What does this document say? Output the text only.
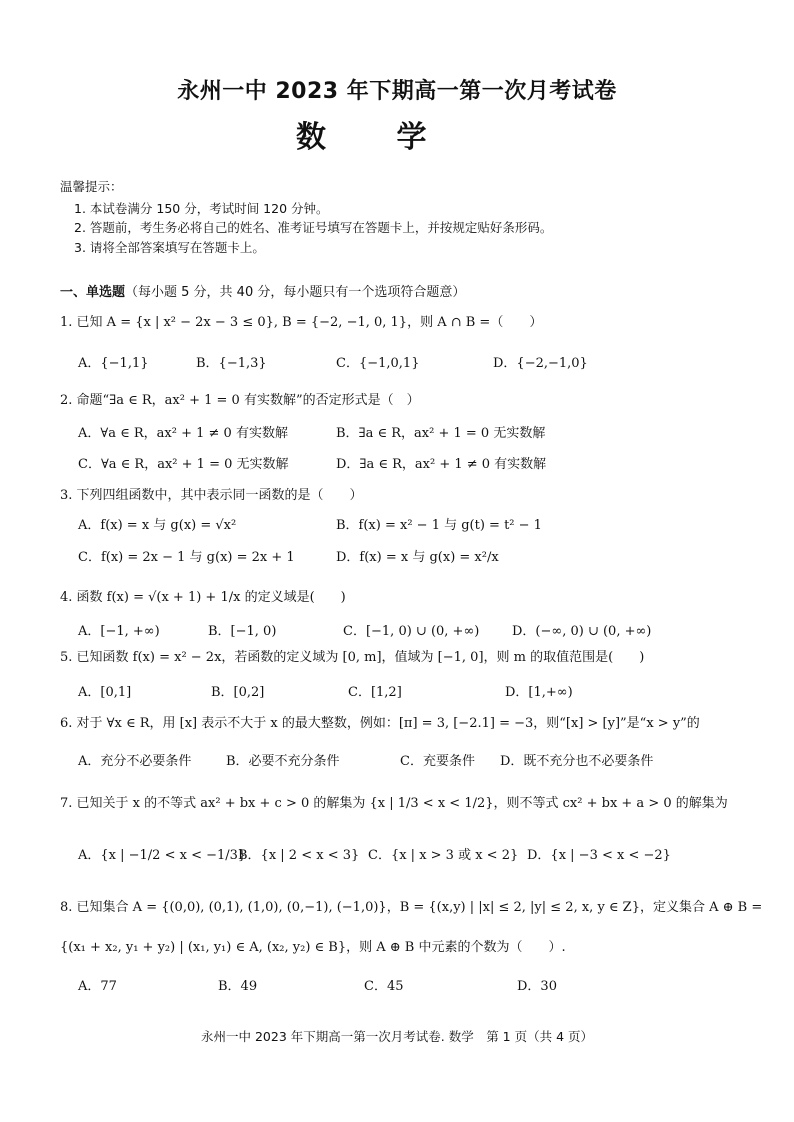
永州一中 2023 年下期高一第一次月考试卷
数 学
温馨提示：
1. 本试卷满分 150 分，考试时间 120 分钟。
2. 答题前，考生务必将自己的姓名、准考证号填写在答题卡上，并按规定贴好条形码。
3. 请将全部答案填写在答题卡上。
一、单选题（每小题 5 分，共 40 分，每小题只有一个选项符合题意）
1. 已知 A = {x | x² − 2x − 3 ≤ 0}, B = {−2, −1, 0, 1}，则 A ∩ B =（　　）
A．{−1,1}	B．{−1,3}	C．{−1,0,1}	D．{−2,−1,0}
2. 命题“∃a ∈ R，ax² + 1 = 0 有实数解”的否定形式是（　）
A．∀a ∈ R，ax² + 1 ≠ 0 有实数解	B．∃a ∈ R，ax² + 1 = 0 无实数解
C．∀a ∈ R，ax² + 1 = 0 无实数解	D．∃a ∈ R，ax² + 1 ≠ 0 有实数解
3. 下列四组函数中，其中表示同一函数的是（　　）
A．f(x) = x 与 g(x) = √x²	B．f(x) = x² − 1 与 g(t) = t² − 1
C．f(x) = 2x − 1 与 g(x) = 2x + 1	D．f(x) = x 与 g(x) = x²/x
4. 函数 f(x) = √(x + 1) + 1/x 的定义域是(　　)
A．[−1, +∞)	B．[−1, 0)	C．[−1, 0) ∪ (0, +∞)	D．(−∞, 0) ∪ (0, +∞)
5. 已知函数 f(x) = x² − 2x，若函数的定义域为 [0, m]，值域为 [−1, 0]，则 m 的取值范围是(　　)
A．[0,1]	B．[0,2]	C．[1,2]	D．[1,+∞)
6. 对于 ∀x ∈ R，用 [x] 表示不大于 x 的最大整数，例如：[π] = 3, [−2.1] = −3，则“[x] > [y]”是“x > y”的
A．充分不必要条件	B．必要不充分条件	C．充要条件 D．既不充分也不必要条件
7. 已知关于 x 的不等式 ax² + bx + c > 0 的解集为 {x | 1/3 < x < 1/2}，则不等式 cx² + bx + a > 0 的解集为
A．{x | −1/2 < x < −1/3}
B．{x | 2 < x < 3} C．{x | x > 3 或 x < 2} D．{x | −3 < x < −2}
8. 已知集合 A = {(0,0), (0,1), (1,0), (0,−1), (−1,0)}，B = {(x,y) | |x| ≤ 2, |y| ≤ 2, x, y ∈ Z}，定义集合 A ⊕ B =
{(x₁ + x₂, y₁ + y₂) | (x₁, y₁) ∈ A, (x₂, y₂) ∈ B}，则 A ⊕ B 中元素的个数为（　　）.
A．77	B．49	C．45	D．30
永州一中 2023 年下期高一第一次月考试卷. 数学　第 1 页（共 4 页）
